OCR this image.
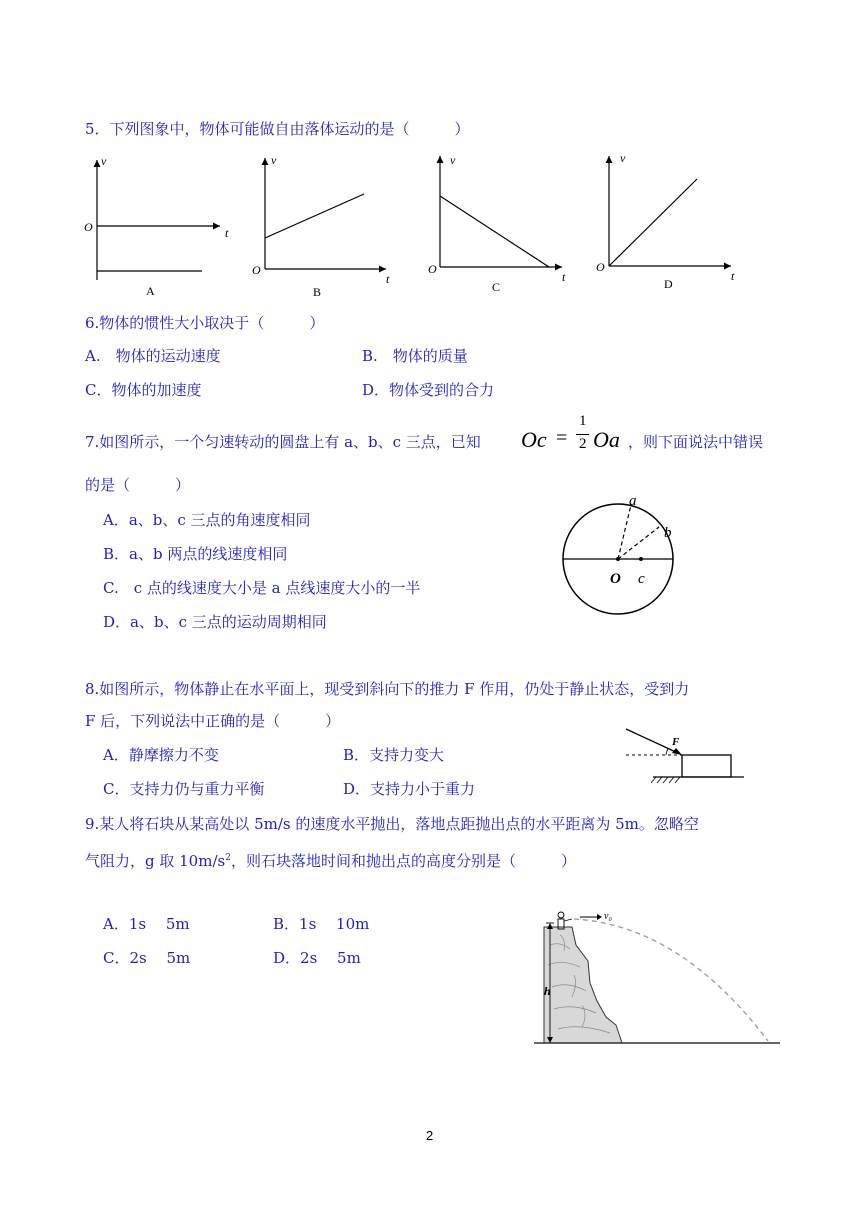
5．下列图象中，物体可能做自由落体运动的是（　　　）
v
t
O
A
v
t
O
B
v
t
O
C
v
t
O
D
6.物体的惯性大小取决于（　　　）
A.　物体的运动速度	B.　物体的质量
C．物体的加速度	D．物体受到的合力
7.如图所示，一个匀速转动的圆盘上有 a、b、c 三点，已知 Oc =
1
2 Oa ，则下面说法中错误
的是（　　　）
A．a、b、c 三点的角速度相同
B．a、b 两点的线速度相同
C.　c 点的线速度大小是 a 点线速度大小的一半
D．a、b、c 三点的运动周期相同
a
b
O c
8.如图所示，物体静止在水平面上，现受到斜向下的推力 F 作用，仍处于静止状态，受到力
F 后，下列说法中正确的是（　　　）
A．静摩擦力不变	B．支持力变大
C．支持力仍与重力平衡	D．支持力小于重力
F
9.某人将石块从某高处以 5m/s 的速度水平抛出，落地点距抛出点的水平距离为 5m。忽略空
气阻力，g 取 $10m/s^2$，则石块落地时间和抛出点的高度分别是（　　　）
A．1s　 5m	B．1s　 10m
C．2s　 5m	D．2s　 5m
h
v₀
2
